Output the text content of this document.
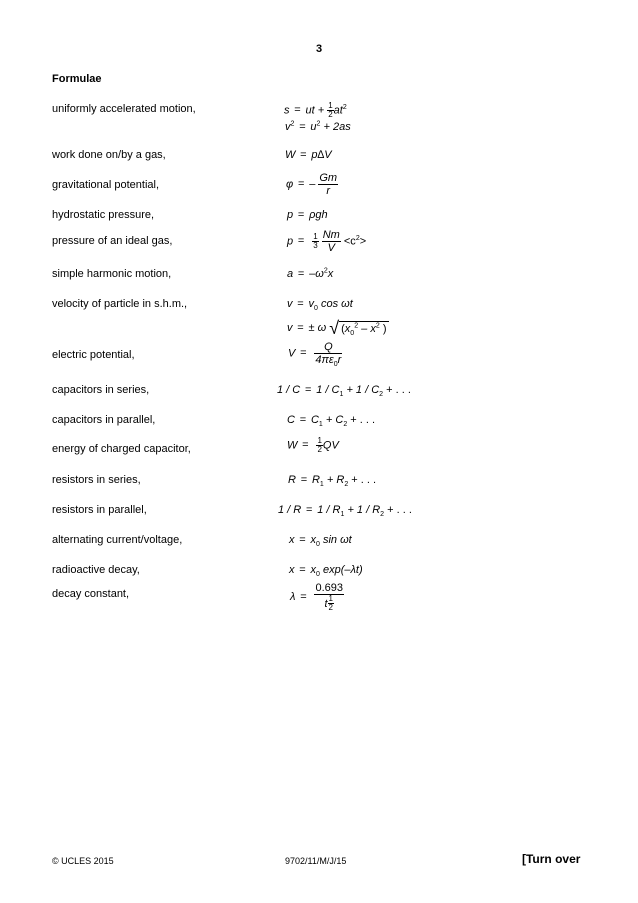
3
Formulae
uniformly accelerated motion,
work done on/by a gas,
gravitational potential,
hydrostatic pressure,
pressure of an ideal gas,
simple harmonic motion,
velocity of particle in s.h.m.,
electric potential,
capacitors in series,
capacitors in parallel,
energy of charged capacitor,
resistors in series,
resistors in parallel,
alternating current/voltage,
radioactive decay,
decay constant,
s = ut + $\frac{1}{2} at^2$
$v^2 = u^2 + 2as$
W = p∆V
φ = – $\frac{Gm}{r}$
p = ρgh
$p = \frac{1}{3}$
$\frac{Nm}{V} <c^2>$
$a = -\omega^2x$
$v = v_0$ cos ωt
v = ± ω √ ($x_0^2 - x^2$ )
$V = \frac{Q}{4\pi\varepsilon_0r}$
$1 / C = 1 / C_1 + 1 / C_2$ + . . .
$C = C_1 + C_2$ + . . .
$W = \frac{1}{2}$ QV
$R = R_1 + R_2$ + . . .
$1 / R = 1 / R_1 + 1 / R_2$ + . . .
$x = x_0$ sin ωt
$x = x_0$ exp(–λt)
$\lambda = \frac{0.693}{t \frac{1}{2}}$
© UCLES 2015	9702/11/M/J/15	[Turn over
